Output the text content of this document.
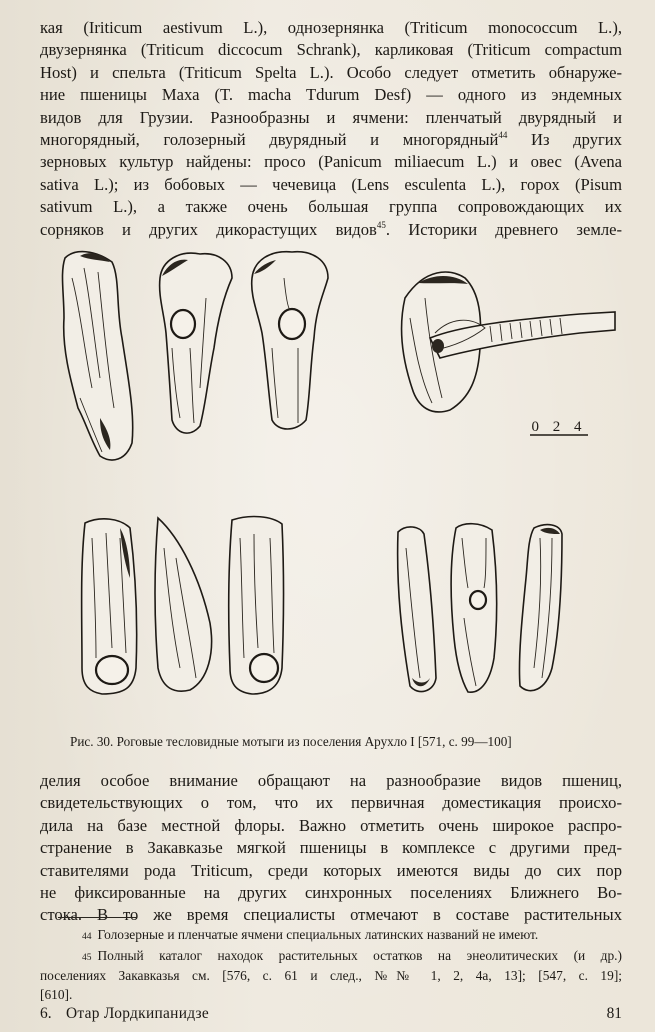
кая (Iriticum aestivum L.), однозернянка (Triticum monococcum L.),
двузернянка (Triticum diccocum Schrank), карликовая (Triticum compactum
Host) и спельта (Triticum Spelta L.). Особо следует отметить обнаруже-
ние пшеницы Маха (T. macha Tdurum Desf) — одного из эндемных
видов для Грузии. Разнообразны и ячмени: пленчатый двурядный и
многорядный, голозерный двурядный и многорядный$^{44}$ Из других
зерновых культур найдены: просо (Panicum miliaecum L.) и овес (Avena
sativa L.); из бобовых — чечевица (Lens esculenta L.), горох (Pisum
sativum L.), а также очень большая группа сопровождающих их
сорняков и других дикорастущих видов$^{45}$. Историки древнего земле-
0 2 4
Рис. 30. Роговые тесловидные мотыги из поселения Арухло I [571, с. 99—100]
делия особое внимание обращают на разнообразие видов пшениц,
свидетельствующих о том, что их первичная доместикация происхо-
дила на базе местной флоры. Важно отметить очень широкое распро-
странение в Закавказье мягкой пшеницы в комплексе с другими пред-
ставителями рода Triticum, среди которых имеются виды до сих пор
не фиксированные на других синхронных поселениях Ближнего Во-
стока. В то же время специалисты отмечают в составе растительных
44 Голозерные и пленчатые ячмени специальных латинских названий не имеют.
45 Полный каталог находок растительных остатков на энеолитических (и др.)
поселениях Закавказья см. [576, с. 61 и след., №№ 1, 2, 4а, 13]; [547, с. 19];
[610].
6. Отар Лордкипанидзе	81
